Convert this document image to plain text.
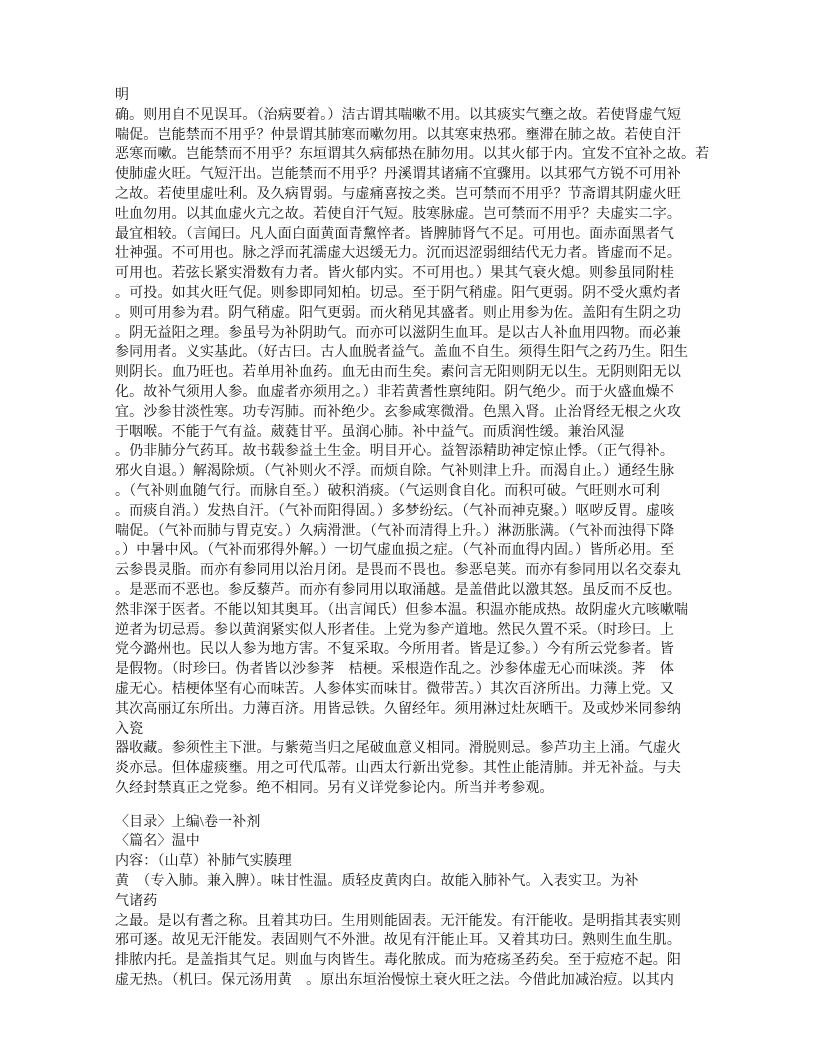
明
确。则用自不见误耳。（治病要着。）洁古谓其喘嗽不用。以其痰实气壅之故。若使肾虚气短
喘促。岂能禁而不用乎？仲景谓其肺寒而嗽勿用。以其寒束热邪。壅滞在肺之故。若使自汗
恶寒而嗽。岂能禁而不用乎？东垣谓其久病郁热在肺勿用。以其火郁于内。宜发不宜补之故。若
使肺虚火旺。气短汗出。岂能禁而不用乎？丹溪谓其诸痛不宜骤用。以其邪气方锐不可用补
之故。若使里虚吐利。及久病胃弱。与虚痛喜按之类。岂可禁而不用乎？节斋谓其阴虚火旺
吐血勿用。以其血虚火亢之故。若使自汗气短。肢寒脉虚。岂可禁而不用乎？夫虚实二字。
最宜相较。（言闻曰。凡人面白面黄面青黧悴者。皆脾肺肾气不足。可用也。面赤面黑者气
壮神强。不可用也。脉之浮而芤濡虚大迟缓无力。沉而迟涩弱细结代无力者。皆虚而不足。
可用也。若弦长紧实滑数有力者。皆火郁内实。不可用也。）果其气衰火熄。则参虽同附桂
。可投。如其火旺气促。则参即同知柏。切忌。至于阴气稍虚。阳气更弱。阴不受火熏灼者
。则可用参为君。阴气稍虚。阳气更弱。而火稍见其盛者。则止用参为佐。盖阳有生阴之功
。阴无益阳之理。参虽号为补阴助气。而亦可以滋阴生血耳。是以古人补血用四物。而必兼
参同用者。义实基此。（好古曰。古人血脱者益气。盖血不自生。须得生阳气之药乃生。阳生
则阴长。血乃旺也。若单用补血药。血无由而生矣。素问言无阳则阴无以生。无阴则阳无以
化。故补气须用人参。血虚者亦须用之。）非若黄耆性禀纯阳。阴气绝少。而于火盛血燥不
宜。沙参甘淡性寒。功专泻肺。而补绝少。玄参咸寒微滑。色黑入肾。止治肾经无根之火攻
于咽喉。不能于气有益。葳蕤甘平。虽润心肺。补中益气。而质润性缓。兼治风湿
。仍非肺分气药耳。故书载参益土生金。明目开心。益智添精助神定惊止悸。（正气得补。
邪火自退。）解渴除烦。（气补则火不浮。而烦自除。气补则津上升。而渴自止。）通经生脉
。（气补则血随气行。而脉自至。）破积消痰。（气运则食自化。而积可破。气旺则水可利
。而痰自消。）发热自汗。（气补而阳得固。）多梦纷纭。（气补而神克聚。）呕哕反胃。虚咳
喘促。（气补而肺与胃克安。）久病滑泄。（气补而清得上升。）淋沥胀满。（气补而浊得下降
。）中暑中风。（气补而邪得外解。）一切气虚血损之症。（气补而血得内固。）皆所必用。至
云参畏灵脂。而亦有参同用以治月闭。是畏而不畏也。参恶皂荚。而亦有参同用以名交泰丸
。是恶而不恶也。参反藜芦。而亦有参同用以取涌越。是盖借此以激其怒。虽反而不反也。
然非深于医者。不能以知其奥耳。（出言闻氏）但参本温。积温亦能成热。故阴虚火亢咳嗽喘
逆者为切忌焉。参以黄润紧实似人形者佳。上党为参产道地。然民久置不采。（时珍曰。上
党今潞州也。民以人参为地方害。不复采取。今所用者。皆是辽参。）今有所云党参者。皆
是假物。（时珍曰。伪者皆以沙参荠　桔梗。采根造作乱之。沙参体虚无心而味淡。荠　体
虚无心。桔梗体坚有心而味苦。人参体实而味甘。微带苦。）其次百济所出。力薄上党。又
其次高丽辽东所出。力薄百济。用皆忌铁。久留经年。须用淋过灶灰晒干。及或炒米同参纳
入瓷
器收藏。参须性主下泄。与紫菀当归之尾破血意义相同。滑脱则忌。参芦功主上涌。气虚火
炎亦忌。但体虚痰壅。用之可代瓜蒂。山西太行新出党参。其性止能清肺。并无补益。与夫
久经封禁真正之党参。绝不相同。另有义详党参论内。所当并考参观。
〈目录〉上编\卷一补剂
〈篇名〉温中
内容：（山草）补肺气实腠理
黄　（专入肺。兼入脾）。味甘性温。质轻皮黄肉白。故能入肺补气。入表实卫。为补
气诸药
之最。是以有耆之称。且着其功曰。生用则能固表。无汗能发。有汗能收。是明指其表实则
邪可逐。故见无汗能发。表固则气不外泄。故见有汗能止耳。又着其功曰。熟则生血生肌。
排脓内托。是盖指其气足。则血与肉皆生。毒化脓成。而为疮疡圣药矣。至于痘疮不起。阳
虚无热。（机曰。保元汤用黄　。原出东垣治慢惊土衰火旺之法。今借此加减治痘。以其内
